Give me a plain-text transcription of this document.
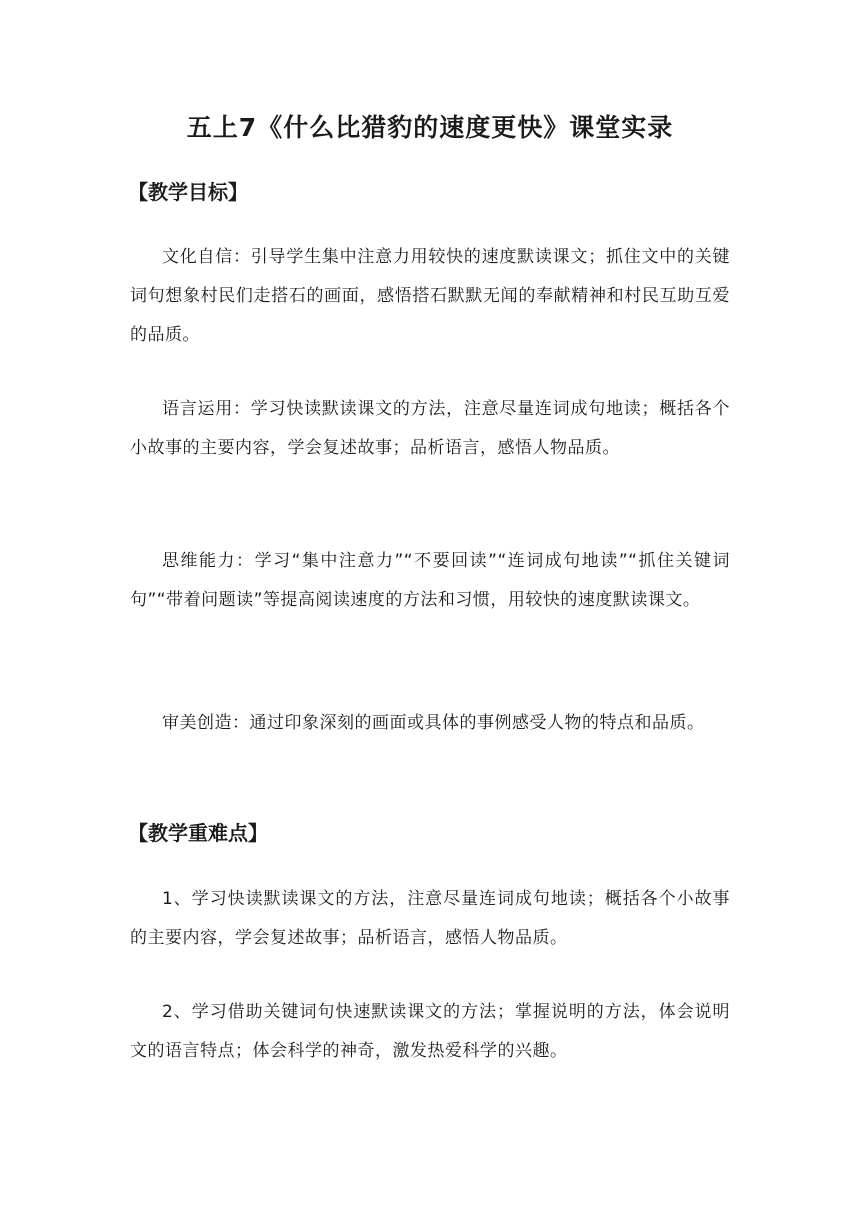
五上7《什么比猎豹的速度更快》课堂实录
【教学目标】

文化自信：引导学生集中注意力用较快的速度默读课文；抓住文中的关键词句想象村民们走搭石的画面，感悟搭石默默无闻的奉献精神和村民互助互爱的品质。

语言运用：学习快读默读课文的方法，注意尽量连词成句地读；概括各个小故事的主要内容，学会复述故事；品析语言，感悟人物品质。

思维能力：学习“集中注意力”“不要回读”“连词成句地读”“抓住关键词句”“带着问题读”等提高阅读速度的方法和习惯，用较快的速度默读课文。

审美创造：通过印象深刻的画面或具体的事例感受人物的特点和品质。

【教学重难点】

1、学习快读默读课文的方法，注意尽量连词成句地读；概括各个小故事的主要内容，学会复述故事；品析语言，感悟人物品质。

2、学习借助关键词句快速默读课文的方法；掌握说明的方法，体会说明文的语言特点；体会科学的神奇，激发热爱科学的兴趣。
